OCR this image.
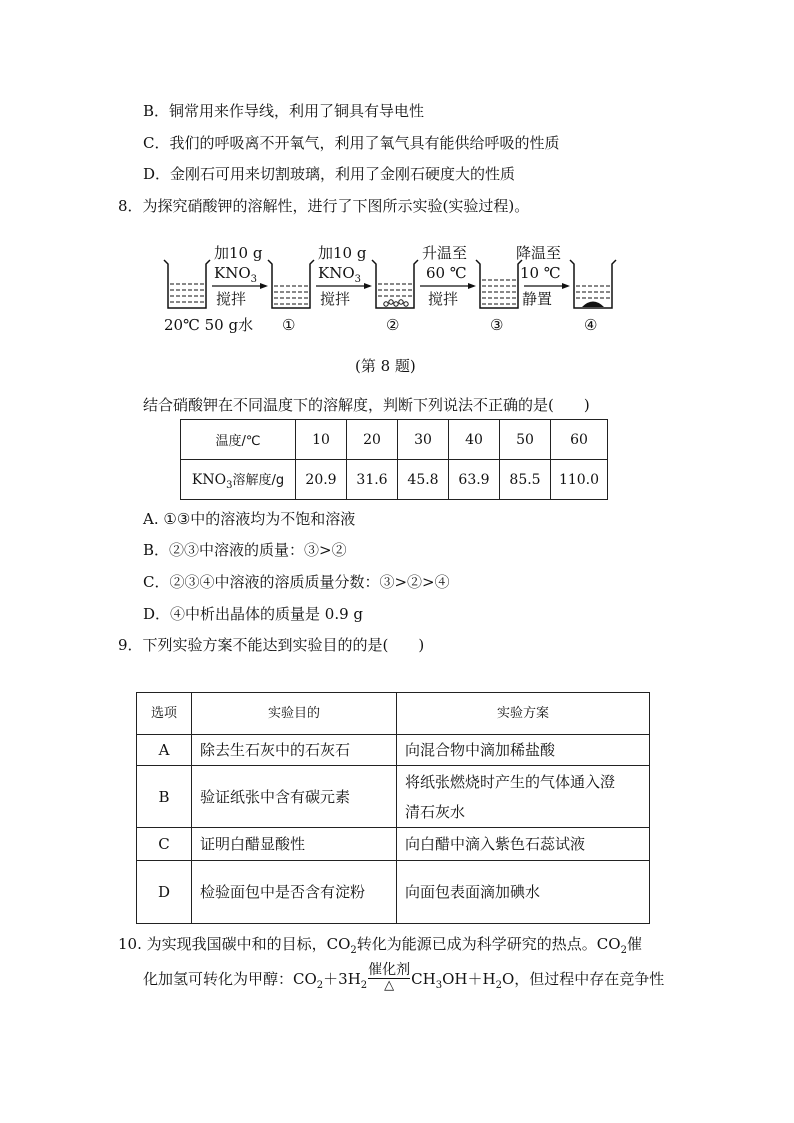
B．铜常用来作导线，利用了铜具有导电性
C．我们的呼吸离不开氧气，利用了氧气具有能供给呼吸的性质
D．金刚石可用来切割玻璃，利用了金刚石硬度大的性质
8．为探究硝酸钾的溶解性，进行了下图所示实验(实验过程)。
加10 g
$KNO_3$
搅拌
加10 g
$KNO_3$
搅拌
升温至
60 ℃
搅拌
降温至
10 ℃
静置
20℃ 50 g水 ①	②	③	④
(第 8 题)
结合硝酸钾在不同温度下的溶解度，判断下列说法不正确的是(　　)
温度/℃	10	20	30	40	50	60
$KNO_3$溶解度/g	20.9	31.6	45.8	63.9	85.5	110.0
A. ①③中的溶液均为不饱和溶液
B．②③中溶液的质量：③>②
C．②③④中溶液的溶质质量分数：③>②>④
D．④中析出晶体的质量是 0.9 g
9．下列实验方案不能达到实验目的的是(　　)
选项	实验目的	实验方案
A	除去生石灰中的石灰石	向混合物中滴加稀盐酸
B	验证纸张中含有碳元素	将纸张燃烧时产生的气体通入澄
清石灰水

C	证明白醋显酸性	向白醋中滴入紫色石蕊试液
D	检验面包中是否含有淀粉	向面包表面滴加碘水
10. 为实现我国碳中和的目标，$CO_2$转化为能源已成为科学研究的热点。$CO_2$催
化加氢可转化为甲醇：$CO_2+3H_2 \frac{\text{催化剂}}{\triangle} CH_3OH+H_2O$，但过程中存在竞争性
